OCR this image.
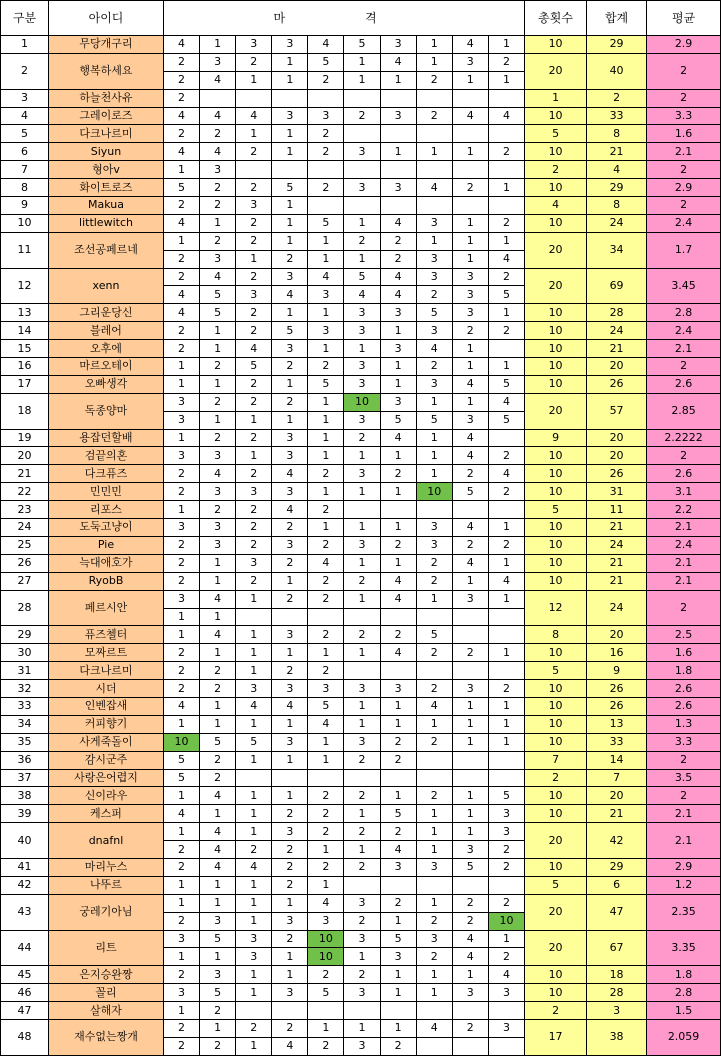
구분	아이디	마 격										총횟수	합계	평균
1	무당개구리	4	1	3	3	4	5	3	1	4	1	10	29	2.9
2	행복하세요	2	3	2	1	5	1	4	1	3	2	20	40	2
		2	4	1	1	2	1	1	2	1	1			
3	하늘천사유	2										1	2	2
4	그레이로즈	4	4	4	3	3	2	3	2	4	4	10	33	3.3
5	다크나르미	2	2	1	1	2						5	8	1.6
6	Siyun	4	4	2	1	2	3	1	1	1	2	10	21	2.1
7	형아v	1	3									2	4	2
8	화이트로즈	5	2	2	5	2	3	3	4	2	1	10	29	2.9
9	Makua	2	2	3	1							4	8	2
10	littlewitch	4	1	2	1	5	1	4	3	1	2	10	24	2.4
11	조선공페르네	1	2	2	1	1	2	2	1	1	1	20	34	1.7
		2	3	1	2	1	1	2	3	1	4			
12	xenn	2	4	2	3	4	5	4	3	3	2	20	69	3.45
		4	5	3	4	3	4	4	2	3	5			
13	그리운당신	4	5	2	1	1	3	3	5	3	1	10	28	2.8
14	블레어	2	1	2	5	3	3	1	3	2	2	10	24	2.4
15	오후에	2	1	4	3	1	1	3	4	1		10	21	2.1
16	마르오테이	1	2	5	2	2	3	1	2	1	1	10	20	2
17	오빠생각	1	1	2	1	5	3	1	3	4	5	10	26	2.6
18	독종양마	3	2	2	2	1	10	3	1	1	4	20	57	2.85
		3	1	1	1	1	3	5	5	3	5			
19	용잡던할배	1	2	2	3	1	2	4	1	4		9	20	2.2222
20	검끝의혼	3	3	1	3	1	1	1	1	4	2	10	20	2
21	다크퓨즈	2	4	2	4	2	3	2	1	2	4	10	26	2.6
22	민민민	2	3	3	3	1	1	1	10	5	2	10	31	3.1
23	리포스	1	2	2	4	2						5	11	2.2
24	도둑고냥이	3	3	2	2	1	1	1	3	4	1	10	21	2.1
25	Pie	2	3	2	3	2	3	2	3	2	2	10	24	2.4
26	늑대애호가	2	1	3	2	4	1	1	2	4	1	10	21	2.1
27	RyobB	2	1	2	1	2	2	4	2	1	4	10	21	2.1
28	페르시안	3	4	1	2	2	1	4	1	3	1	12	24	2
		1	1											
29	퓨즈첼터	1	4	1	3	2	2	2	5			8	20	2.5
30	모짜르트	2	1	1	1	1	1	4	2	2	1	10	16	1.6
31	다크나르미	2	2	1	2	2						5	9	1.8
32	시더	2	2	3	3	3	3	3	2	3	2	10	26	2.6
33	인벤잡새	4	1	4	4	5	1	1	4	1	1	10	26	2.6
34	커피향기	1	1	1	1	4	1	1	1	1	1	10	13	1.3
35	사게죽돌이	10	5	5	3	1	3	2	2	1	1	10	33	3.3
36	감시군주	5	2	1	1	1	2	2				7	14	2
37	사랑은어렵지	5	2									2	7	3.5
38	신이라우	1	4	1	1	2	2	1	2	1	5	10	20	2
39	케스퍼	4	1	1	2	2	1	5	1	1	3	10	21	2.1
40	dnafnl	1	4	1	3	2	2	2	1	1	3	20	42	2.1
		2	4	2	2	1	1	4	1	3	2			
41	마리누스	2	4	4	2	2	2	3	3	5	2	10	29	2.9
42	나뚜르	1	1	1	2	1						5	6	1.2
43	궁레기아님	1	1	1	1	4	3	2	1	2	2	20	47	2.35
		2	3	1	3	3	2	1	2	2	10			
44	리트	3	5	3	2	10	3	5	3	4	1	20	67	3.35
		1	1	3	1	10	1	3	2	4	2			
45	은지승완짱	2	3	1	1	2	2	1	1	1	4	10	18	1.8
46	꼴리	3	5	1	3	5	3	1	1	3	3	10	28	2.8
47	살해자	1	2									2	3	1.5
48	재수없는짱개	2	1	2	2	1	1	1	4	2	3	17	38	2.059
		2	2	1	4	2	3	2						
